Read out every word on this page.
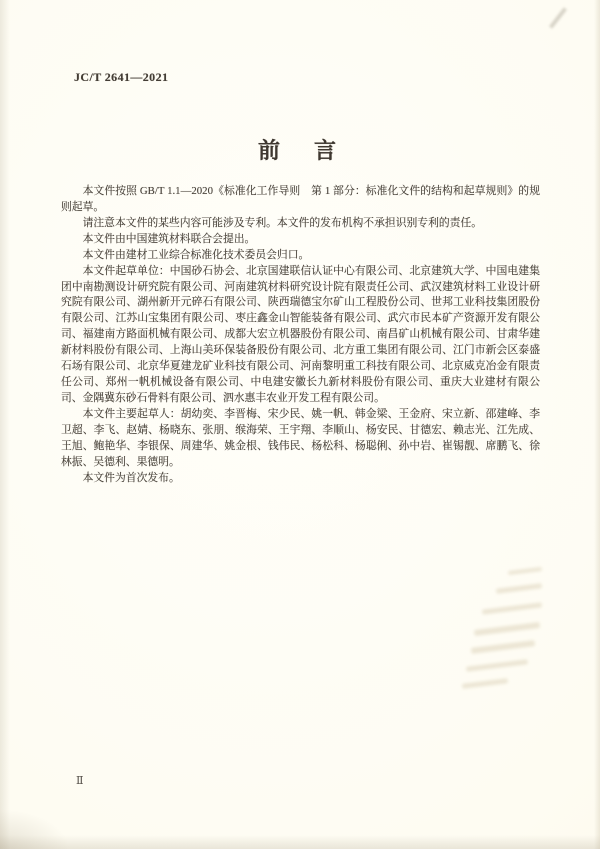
JC/T 2641—2021
前　言

本文件按照 GB/T 1.1—2020《标准化工作导则　第 1 部分：标准化文件的结构和起草规则》的规则起草。

请注意本文件的某些内容可能涉及专利。本文件的发布机构不承担识别专利的责任。

本文件由中国建筑材料联合会提出。

本文件由建材工业综合标准化技术委员会归口。

本文件起草单位：中国砂石协会、北京国建联信认证中心有限公司、北京建筑大学、中国电建集团中南勘测设计研究院有限公司、河南建筑材料研究设计院有限责任公司、武汉建筑材料工业设计研究院有限公司、湖州新开元碎石有限公司、陕西瑞德宝尔矿山工程股份公司、世邦工业科技集团股份有限公司、江苏山宝集团有限公司、枣庄鑫金山智能装备有限公司、武穴市民本矿产资源开发有限公司、福建南方路面机械有限公司、成都大宏立机器股份有限公司、南昌矿山机械有限公司、甘肃华建新材料股份有限公司、上海山美环保装备股份有限公司、北方重工集团有限公司、江门市新会区泰盛石场有限公司、北京华夏建龙矿业科技有限公司、河南黎明重工科技有限公司、北京威克冶金有限责任公司、郑州一帆机械设备有限公司、中电建安徽长九新材料股份有限公司、重庆大业建材有限公司、金隅冀东砂石骨料有限公司、泗水惠丰农业开发工程有限公司。

本文件主要起草人：胡幼奕、李晋梅、宋少民、姚一帆、韩金梁、王金府、宋立新、邵建峰、李卫超、李飞、赵婧、杨晓东、张朋、缑海荣、王宇翔、李顺山、杨安民、甘德宏、赖志光、江先成、王旭、鲍艳华、李银保、周建华、姚金根、钱伟民、杨松科、杨聪俐、孙中岩、崔锡靓、席鹏飞、徐林振、吴德利、果德明。

本文件为首次发布。

Ⅱ
